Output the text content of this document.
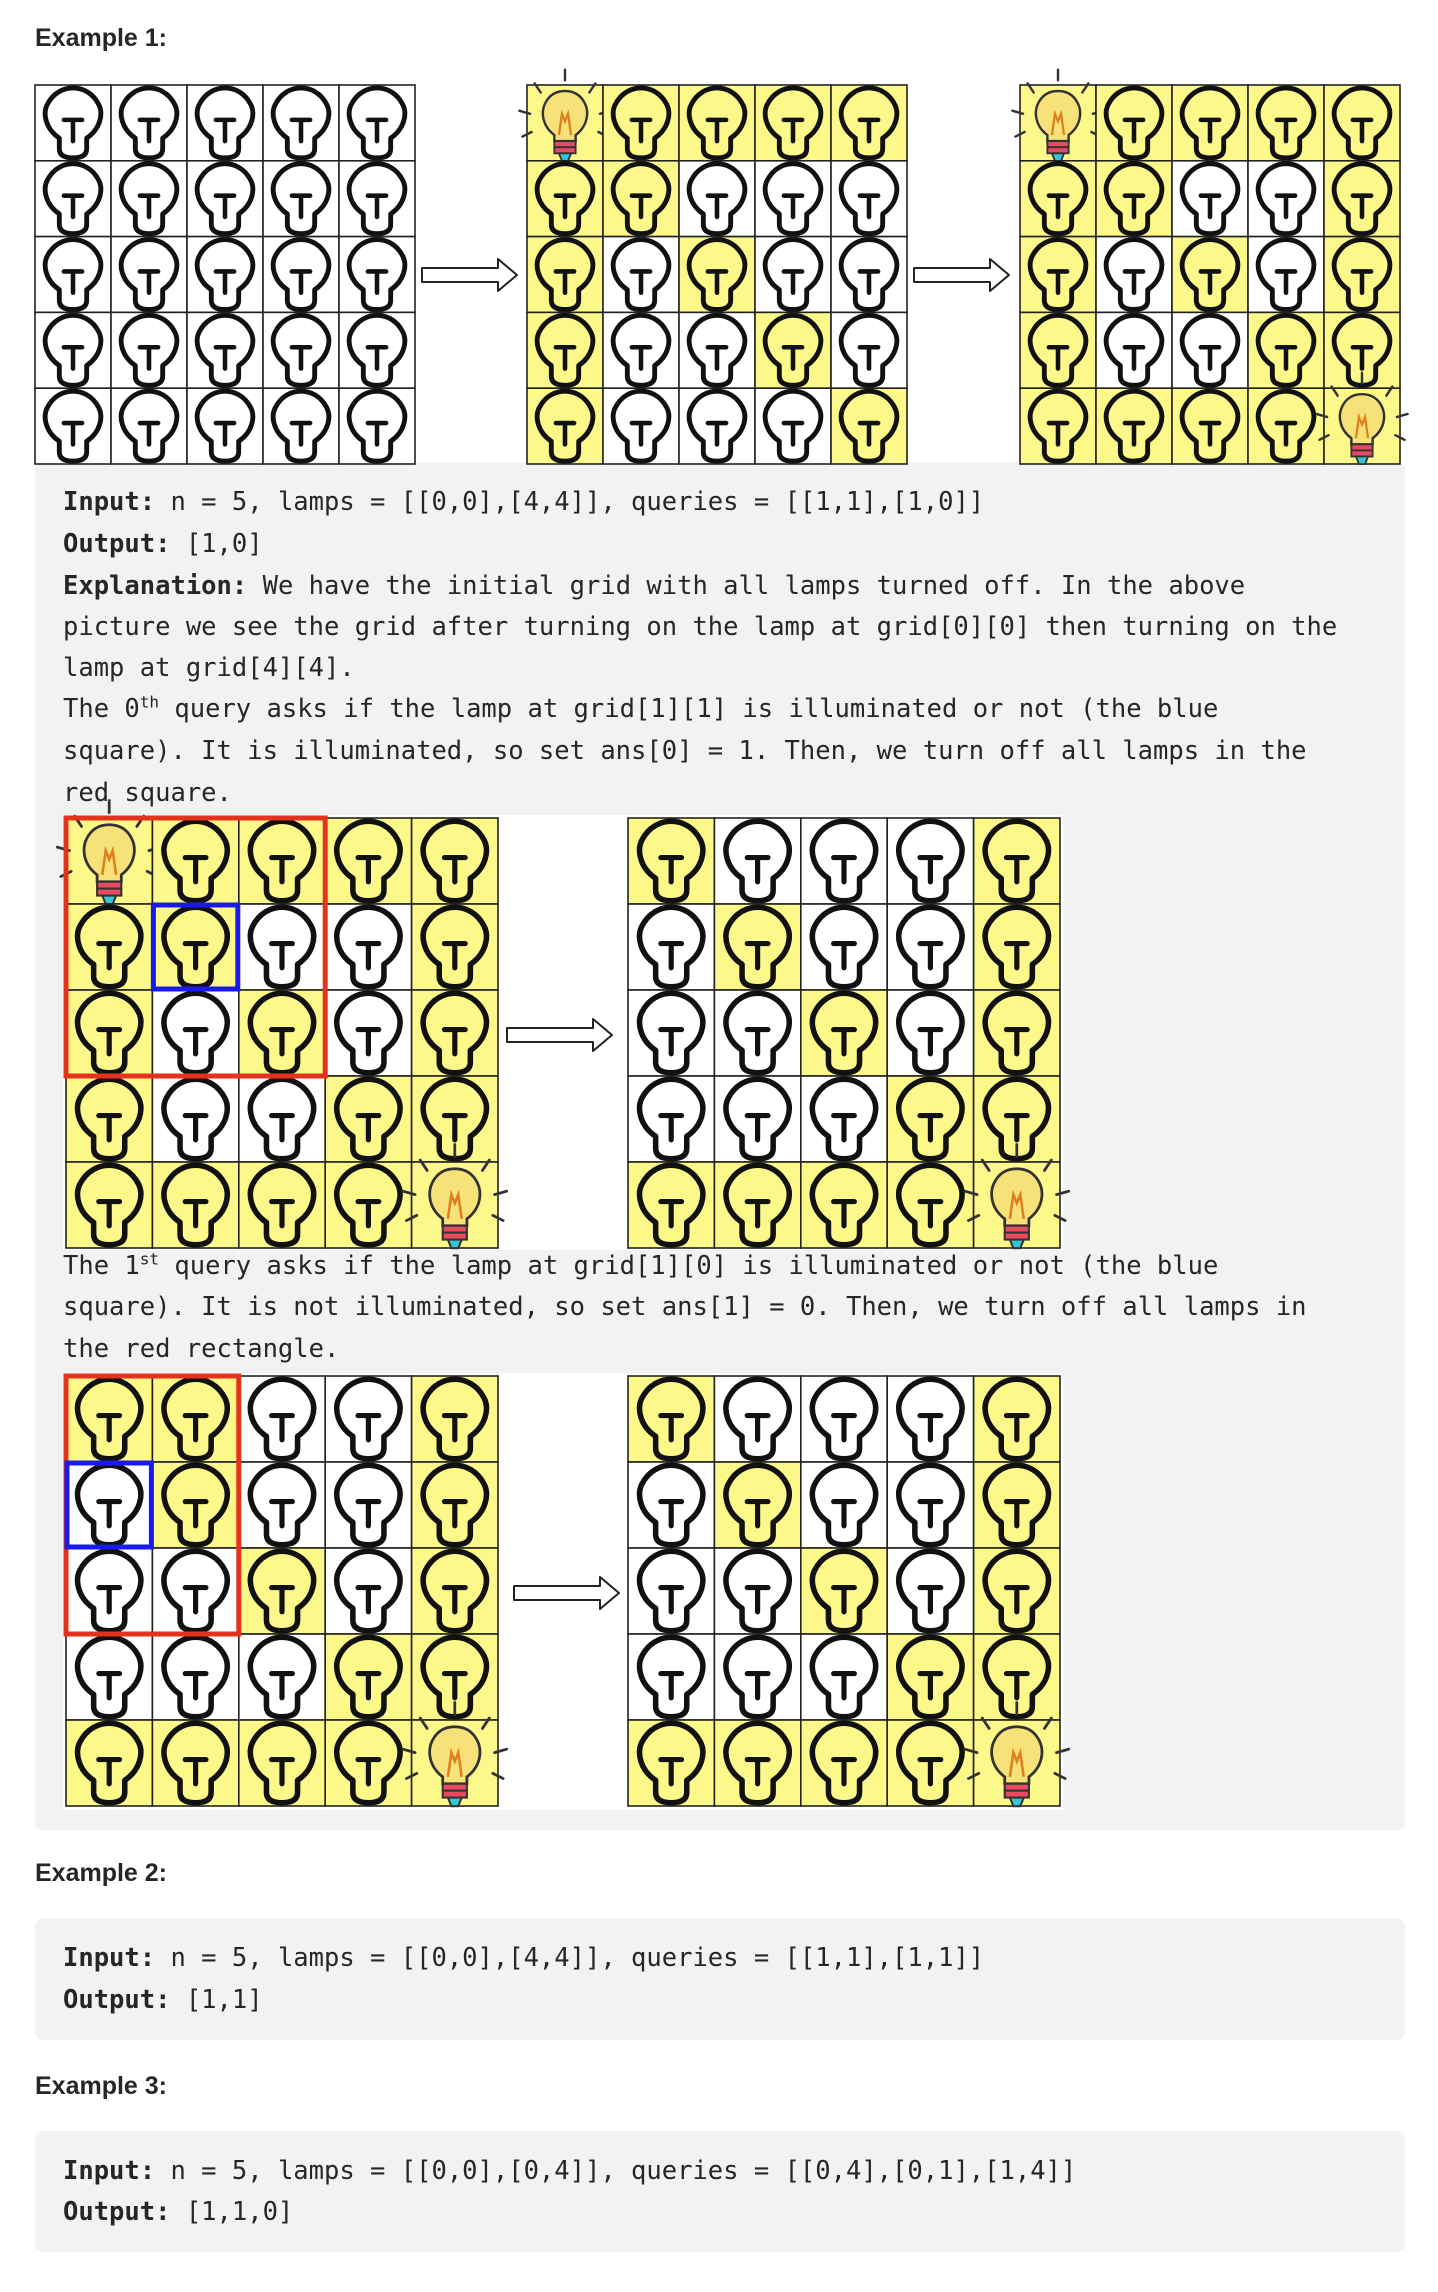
Example 1:
Input: n = 5, lamps = [[0,0],[4,4]], queries = [[1,1],[1,0]]
Output: [1,0]
Explanation: We have the initial grid with all lamps turned off. In the above
picture we see the grid after turning on the lamp at grid[0][0] then turning on the
lamp at grid[4][4].
The 0th query asks if the lamp at grid[1][1] is illuminated or not (the blue
square). It is illuminated, so set ans[0] = 1. Then, we turn off all lamps in the
red square.
The 1st query asks if the lamp at grid[1][0] is illuminated or not (the blue
square). It is not illuminated, so set ans[1] = 0. Then, we turn off all lamps in
the red rectangle.
Example 2:
Input: n = 5, lamps = [[0,0],[4,4]], queries = [[1,1],[1,1]]
Output: [1,1]
Example 3:
Input: n = 5, lamps = [[0,0],[0,4]], queries = [[0,4],[0,1],[1,4]]
Output: [1,1,0]
